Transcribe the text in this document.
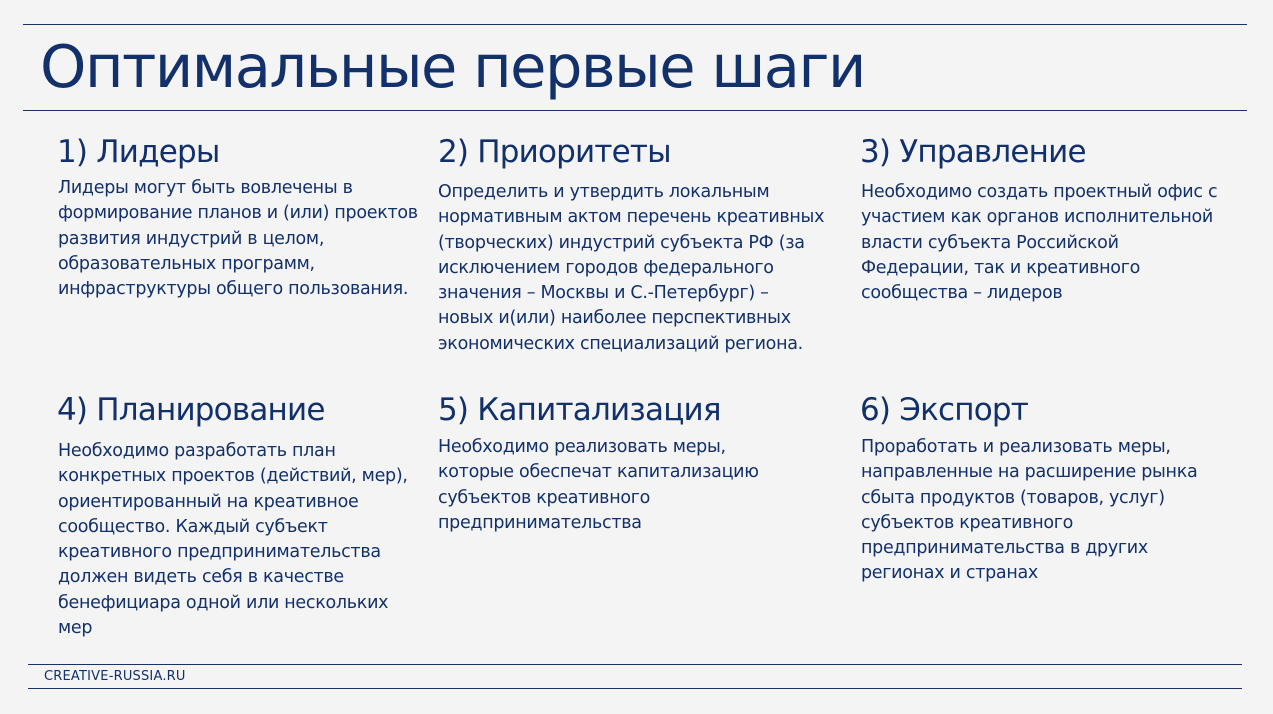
Оптимальные первые шаги
1) Лидеры
Лидеры могут быть вовлечены в
формирование планов и (или) проектов
развития индустрий в целом,
образовательных программ,
инфраструктуры общего пользования.
2) Приоритеты
Определить и утвердить локальным
нормативным актом перечень креативных
(творческих) индустрий субъекта РФ (за
исключением городов федерального
значения – Москвы и С.-Петербург) –
новых и(или) наиболее перспективных
экономических специализаций региона.
3) Управление
Необходимо создать проектный офис с
участием как органов исполнительной
власти субъекта Российской
Федерации, так и креативного
сообщества – лидеров
4) Планирование
Необходимо разработать план
конкретных проектов (действий, мер),
ориентированный на креативное
сообщество. Каждый субъект
креативного предпринимательства
должен видеть себя в качестве
бенефициара одной или нескольких
мер
5) Капитализация
Необходимо реализовать меры,
которые обеспечат капитализацию
субъектов креативного
предпринимательства
6) Экспорт
Проработать и реализовать меры,
направленные на расширение рынка
сбыта продуктов (товаров, услуг)
субъектов креативного
предпринимательства в других
регионах и странах
CREATIVE-RUSSIA.RU
